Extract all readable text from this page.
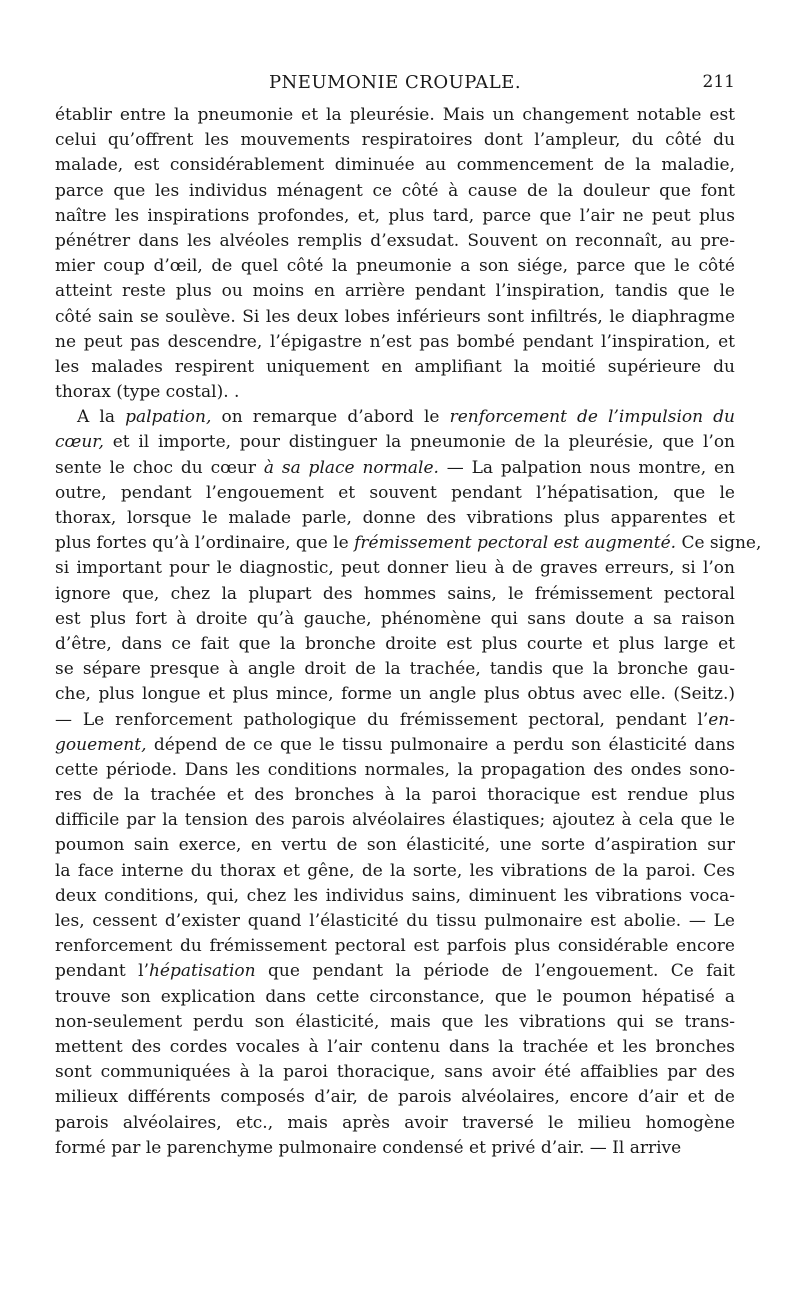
PNEUMONIE CROUPALE.	211
établir entre la pneumonie et la pleurésie. Mais un changement notable est
celui qu’offrent les mouvements respiratoires dont l’ampleur, du côté du
malade, est considérablement diminuée au commencement de la maladie,
parce que les individus ménagent ce côté à cause de la douleur que font
naître les inspirations profondes, et, plus tard, parce que l’air ne peut plus
pénétrer dans les alvéoles remplis d’exsudat. Souvent on reconnaît, au pre-
mier coup d’œil, de quel côté la pneumonie a son siége, parce que le côté
atteint reste plus ou moins en arrière pendant l’inspiration, tandis que le
côté sain se soulève. Si les deux lobes inférieurs sont infiltrés, le diaphragme
ne peut pas descendre, l’épigastre n’est pas bombé pendant l’inspiration, et
les malades respirent uniquement en amplifiant la moitié supérieure du
thorax (type costal). .
A la palpation, on remarque d’abord le renforcement de l’impulsion du
cœur, et il importe, pour distinguer la pneumonie de la pleurésie, que l’on
sente le choc du cœur à sa place normale. — La palpation nous montre, en
outre, pendant l’engouement et souvent pendant l’hépatisation, que le
thorax, lorsque le malade parle, donne des vibrations plus apparentes et
plus fortes qu’à l’ordinaire, que le frémissement pectoral est augmenté. Ce signe,
si important pour le diagnostic, peut donner lieu à de graves erreurs, si l’on
ignore que, chez la plupart des hommes sains, le frémissement pectoral
est plus fort à droite qu’à gauche, phénomène qui sans doute a sa raison
d’être, dans ce fait que la bronche droite est plus courte et plus large et
se sépare presque à angle droit de la trachée, tandis que la bronche gau-
che, plus longue et plus mince, forme un angle plus obtus avec elle. (Seitz.)
— Le renforcement pathologique du frémissement pectoral, pendant l’en-
gouement, dépend de ce que le tissu pulmonaire a perdu son élasticité dans
cette période. Dans les conditions normales, la propagation des ondes sono-
res de la trachée et des bronches à la paroi thoracique est rendue plus
difficile par la tension des parois alvéolaires élastiques; ajoutez à cela que le
poumon sain exerce, en vertu de son élasticité, une sorte d’aspiration sur
la face interne du thorax et gêne, de la sorte, les vibrations de la paroi. Ces
deux conditions, qui, chez les individus sains, diminuent les vibrations voca-
les, cessent d’exister quand l’élasticité du tissu pulmonaire est abolie. — Le
renforcement du frémissement pectoral est parfois plus considérable encore
pendant l’hépatisation que pendant la période de l’engouement. Ce fait
trouve son explication dans cette circonstance, que le poumon hépatisé a
non-seulement perdu son élasticité, mais que les vibrations qui se trans-
mettent des cordes vocales à l’air contenu dans la trachée et les bronches
sont communiquées à la paroi thoracique, sans avoir été affaiblies par des
milieux différents composés d’air, de parois alvéolaires, encore d’air et de
parois alvéolaires, etc., mais après avoir traversé le milieu homogène
formé par le parenchyme pulmonaire condensé et privé d’air. — Il arrive
